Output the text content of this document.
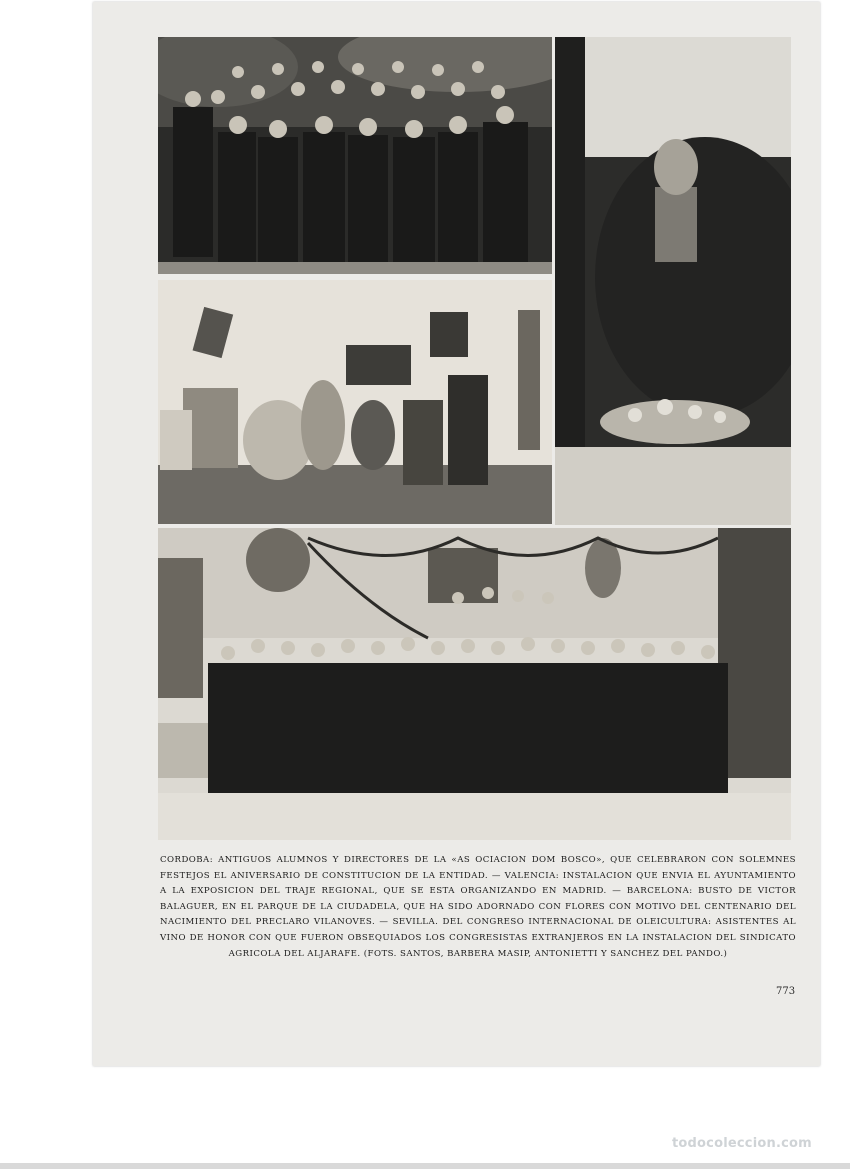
CORDOBA: ANTIGUOS ALUMNOS Y DIRECTORES DE LA «AS OCIACION DOM BOSCO», QUE CELEBRARON CON SOLEMNES FESTEJOS EL ANIVERSARIO DE CONSTITUCION DE LA ENTIDAD. — VALENCIA: INSTALACION QUE ENVIA EL AYUNTAMIENTO A LA EXPOSICION DEL TRAJE REGIONAL, QUE SE ESTA ORGANIZANDO EN MADRID. — BARCELONA: BUSTO DE VICTOR BALAGUER, EN EL PARQUE DE LA CIUDADELA, QUE HA SIDO ADORNADO CON FLORES CON MOTIVO DEL CENTENARIO DEL NACIMIENTO DEL PRECLARO VILANOVES. — SEVILLA. DEL CONGRESO INTERNACIONAL DE OLEICULTURA: ASISTENTES AL VINO DE HONOR CON QUE FUERON OBSEQUIADOS LOS CONGRESISTAS EXTRANJEROS EN LA INSTALACION DEL SINDICATO AGRICOLA DEL ALJARAFE. (FOTS. SANTOS, BARBERA MASIP, ANTONIETTI Y SANCHEZ DEL PANDO.)
773
todocoleccion.com
